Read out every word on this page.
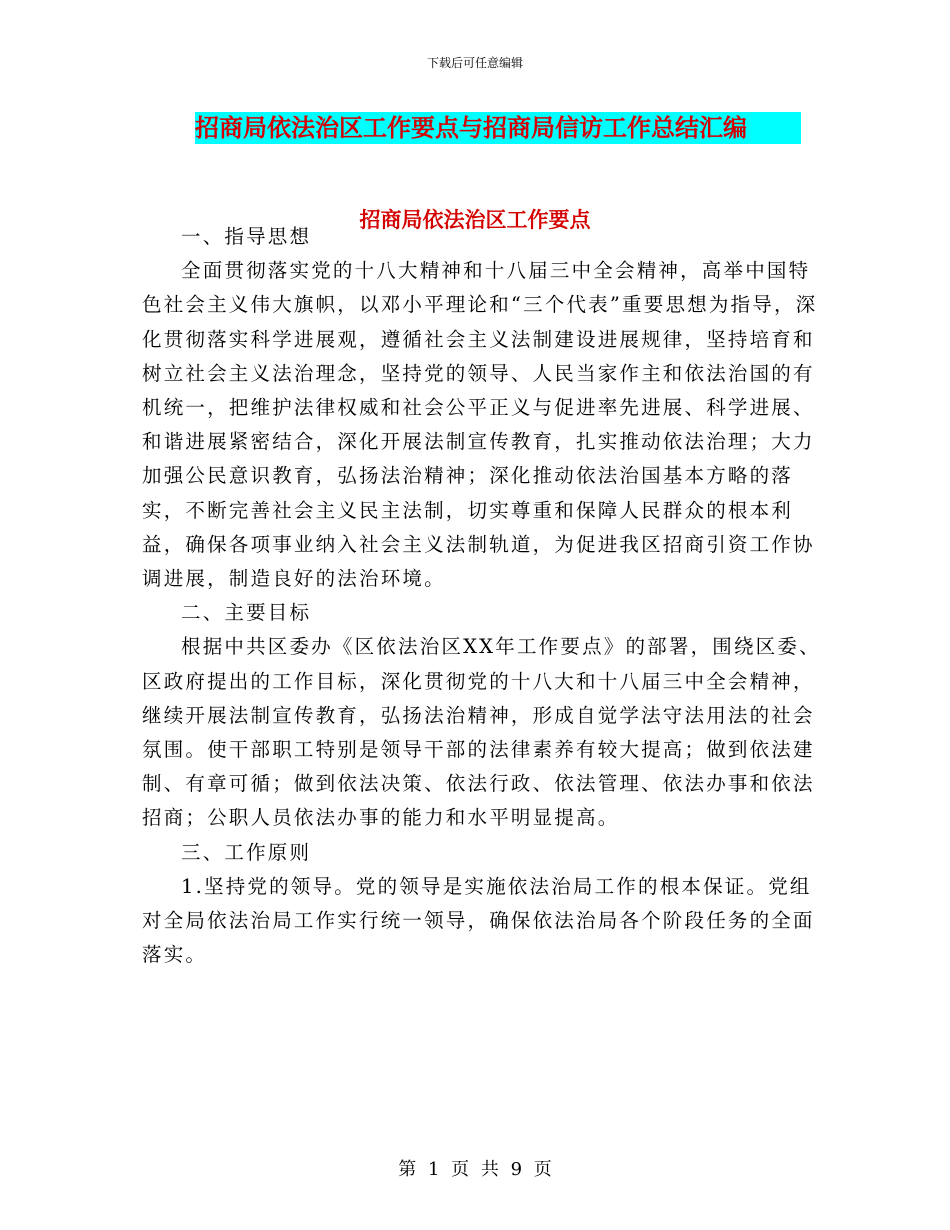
下载后可任意编辑
招商局依法治区工作要点与招商局信访工作总结汇编
招商局依法治区工作要点

一、指导思想

全面贯彻落实党的十八大精神和十八届三中全会精神，高举中国特色社会主义伟大旗帜，以邓小平理论和“三个代表”重要思想为指导，深化贯彻落实科学进展观，遵循社会主义法制建设进展规律，坚持培育和树立社会主义法治理念，坚持党的领导、人民当家作主和依法治国的有机统一，把维护法律权威和社会公平正义与促进率先进展、科学进展、和谐进展紧密结合，深化开展法制宣传教育，扎实推动依法治理；大力加强公民意识教育，弘扬法治精神；深化推动依法治国基本方略的落实，不断完善社会主义民主法制，切实尊重和保障人民群众的根本利益，确保各项事业纳入社会主义法制轨道，为促进我区招商引资工作协调进展，制造良好的法治环境。

二、主要目标

根据中共区委办《区依法治区XX年工作要点》的部署，围绕区委、区政府提出的工作目标，深化贯彻党的十八大和十八届三中全会精神，继续开展法制宣传教育，弘扬法治精神，形成自觉学法守法用法的社会氛围。使干部职工特别是领导干部的法律素养有较大提高；做到依法建制、有章可循；做到依法决策、依法行政、依法管理、依法办事和依法招商；公职人员依法办事的能力和水平明显提高。

三、工作原则

1.坚持党的领导。党的领导是实施依法治局工作的根本保证。党组对全局依法治局工作实行统一领导，确保依法治局各个阶段任务的全面落实。

第 1 页 共 9 页
